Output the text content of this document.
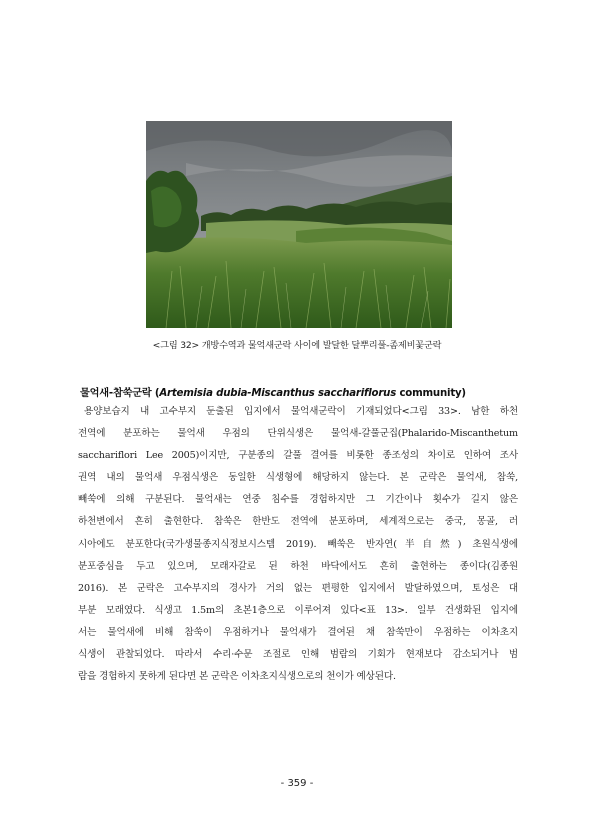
<그림 32> 개방수역과 물억새군락 사이에 발달한 달뿌리풀-좀제비꽃군락
물억새-참쑥군락 (Artemisia dubia-Miscanthus sacchariflorus community)
용양보습지 내 고수부지 둔출된 입지에서 물억새군락이 기재되었다<그림 33>. 남한 하천
전역에 분포하는 물억새 우점의 단위식생은 물억새-갈풀군집(Phalarido-Miscanthetum
sacchariflori Lee 2005)이지만, 구분종의 갈풀 결여를 비롯한 종조성의 차이로 인하여 조사
권역 내의 물억새 우점식생은 동일한 식생형에 해당하지 않는다. 본 군락은 물억새, 참쑥,
빼쑥에 의해 구분된다. 물억새는 연중 침수를 경험하지만 그 기간이나 횟수가 길지 않은
하천변에서 흔히 출현한다. 참쑥은 한반도 전역에 분포하며, 세계적으로는 중국, 몽골, 러
시아에도 분포한다(국가생물종지식정보시스템 2019). 빼쑥은 반자연(半自然) 초원식생에
분포중심을 두고 있으며, 모래자갈로 된 하천 바닥에서도 흔히 출현하는 종이다(김종원
2016). 본 군락은 고수부지의 경사가 거의 없는 편평한 입지에서 발달하였으며, 토성은 대
부분 모래였다. 식생고 1.5m의 초본1층으로 이루어져 있다<표 13>. 일부 건생화된 입지에
서는 물억새에 비해 참쑥이 우점하거나 물억새가 결여된 채 참쑥만이 우점하는 이차초지
식생이 관찰되었다. 따라서 수리·수문 조절로 인해 범람의 기회가 현재보다 감소되거나 범
람을 경험하지 못하게 된다면 본 군락은 이차초지식생으로의 천이가 예상된다.
- 359 -
